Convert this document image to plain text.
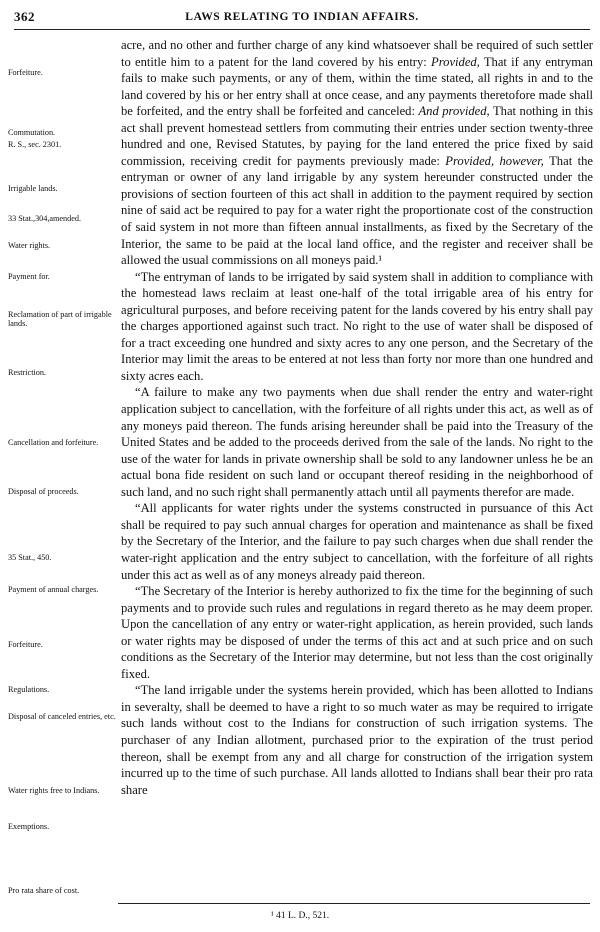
362	LAWS RELATING TO INDIAN AFFAIRS.
Forfeiture.
Commutation.
R. S., sec. 2301.
Irrigable lands.
33 Stat.,304,amended.
Water rights.
Payment for.
Reclamation of part of irrigable lands.
Restriction.
Cancellation and forfeiture.
Disposal of proceeds.
35 Stat., 450.
Payment of annual charges.
Forfeiture.
Regulations.
Disposal of canceled entries, etc.
Water rights free to Indians.
Exemptions.
Pro rata share of cost.

acre, and no other and further charge of any kind whatsoever shall be required of such settler to entitle him to a patent for the land covered by his entry: Provided, That if any entryman fails to make such payments, or any of them, within the time stated, all rights in and to the land covered by his or her entry shall at once cease, and any payments theretofore made shall be forfeited, and the entry shall be forfeited and canceled: And provided, That nothing in this act shall prevent homestead settlers from commuting their entries under section twenty-three hundred and one, Revised Statutes, by paying for the land entered the price fixed by said commission, receiving credit for payments previously made: Provided, however, That the entryman or owner of any land irrigable by any system hereunder constructed under the provisions of section fourteen of this act shall in addition to the payment required by section nine of said act be required to pay for a water right the proportionate cost of the construction of said system in not more than fifteen annual installments, as fixed by the Secretary of the Interior, the same to be paid at the local land office, and the register and receiver shall be allowed the usual commissions on all moneys paid.¹

“The entryman of lands to be irrigated by said system shall in addition to compliance with the homestead laws reclaim at least one-half of the total irrigable area of his entry for agricultural purposes, and before receiving patent for the lands covered by his entry shall pay the charges apportioned against such tract. No right to the use of water shall be disposed of for a tract exceeding one hundred and sixty acres to any one person, and the Secretary of the Interior may limit the areas to be entered at not less than forty nor more than one hundred and sixty acres each.

“A failure to make any two payments when due shall render the entry and water-right application subject to cancellation, with the forfeiture of all rights under this act, as well as of any moneys paid thereon. The funds arising hereunder shall be paid into the Treasury of the United States and be added to the proceeds derived from the sale of the lands. No right to the use of the water for lands in private ownership shall be sold to any landowner unless he be an actual bona fide resident on such land or occupant thereof residing in the neighborhood of such land, and no such right shall permanently attach until all payments therefor are made.

“All applicants for water rights under the systems constructed in pursuance of this Act shall be required to pay such annual charges for operation and maintenance as shall be fixed by the Secretary of the Interior, and the failure to pay such charges when due shall render the water-right application and the entry subject to cancellation, with the forfeiture of all rights under this act as well as of any moneys already paid thereon.

“The Secretary of the Interior is hereby authorized to fix the time for the beginning of such payments and to provide such rules and regulations in regard thereto as he may deem proper. Upon the cancellation of any entry or water-right application, as herein provided, such lands or water rights may be disposed of under the terms of this act and at such price and on such conditions as the Secretary of the Interior may determine, but not less than the cost originally fixed.

“The land irrigable under the systems herein provided, which has been allotted to Indians in severalty, shall be deemed to have a right to so much water as may be required to irrigate such lands without cost to the Indians for construction of such irrigation systems. The purchaser of any Indian allotment, purchased prior to the expiration of the trust period thereon, shall be exempt from any and all charge for construction of the irrigation system incurred up to the time of such purchase. All lands allotted to Indians shall bear their pro rata share

¹ 41 L. D., 521.
